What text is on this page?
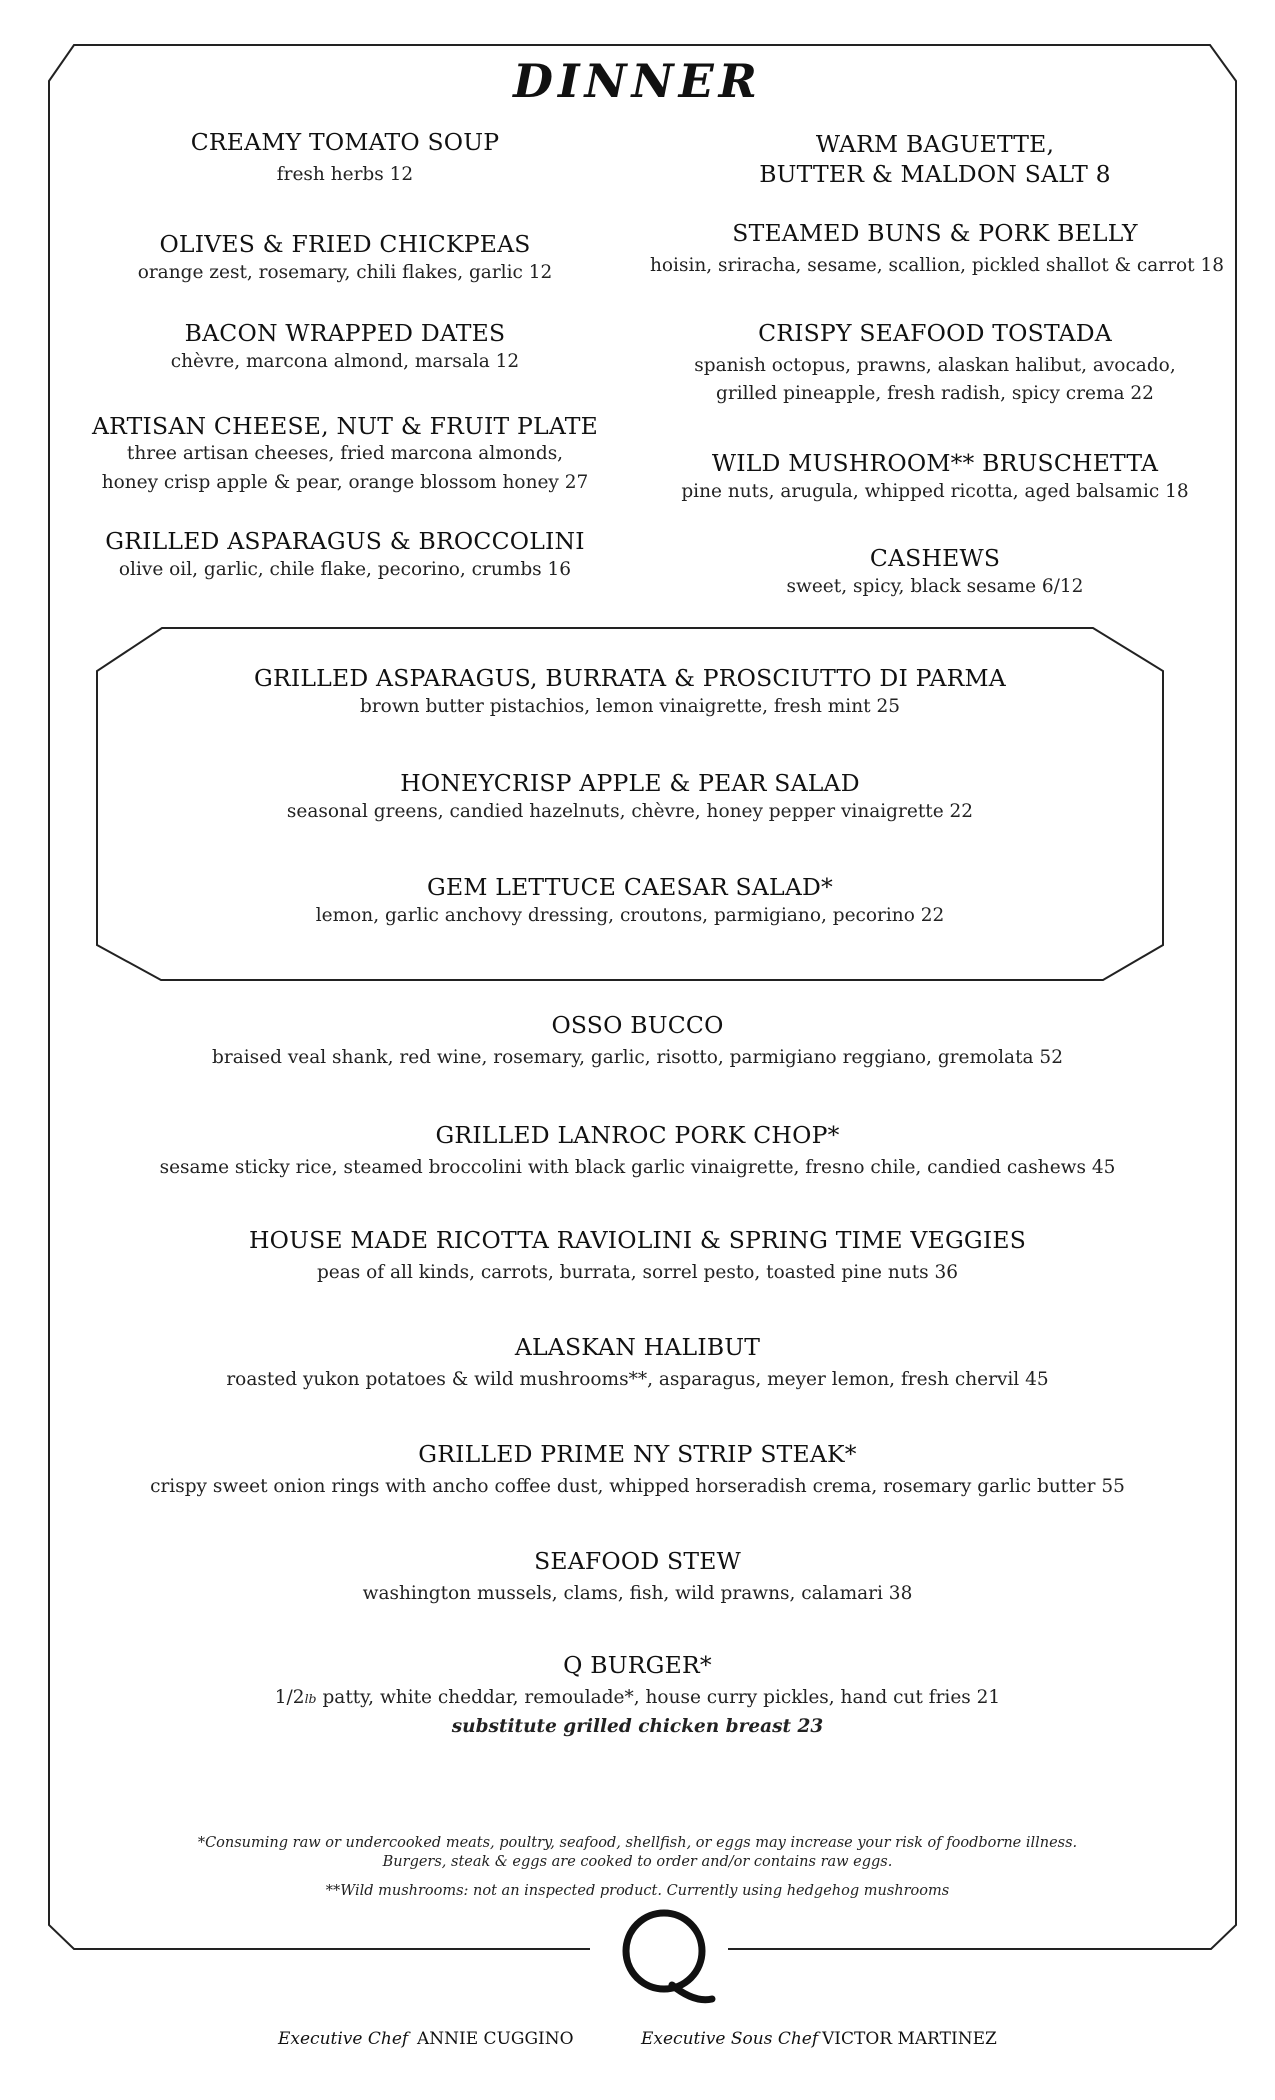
DINNER
CREAMY TOMATO SOUP
fresh herbs 12
OLIVES & FRIED CHICKPEAS
orange zest, rosemary, chili flakes, garlic 12
BACON WRAPPED DATES
chèvre, marcona almond, marsala 12
ARTISAN CHEESE, NUT & FRUIT PLATE
three artisan cheeses, fried marcona almonds,
honey crisp apple & pear, orange blossom honey 27
GRILLED ASPARAGUS & BROCCOLINI
olive oil, garlic, chile flake, pecorino, crumbs 16
WARM BAGUETTE,
BUTTER & MALDON SALT 8
STEAMED BUNS & PORK BELLY
hoisin, sriracha, sesame, scallion, pickled shallot & carrot 18
CRISPY SEAFOOD TOSTADA
spanish octopus, prawns, alaskan halibut, avocado,
grilled pineapple, fresh radish, spicy crema 22
WILD MUSHROOM** BRUSCHETTA
pine nuts, arugula, whipped ricotta, aged balsamic 18
CASHEWS
sweet, spicy, black sesame 6/12
GRILLED ASPARAGUS, BURRATA & PROSCIUTTO DI PARMA
brown butter pistachios, lemon vinaigrette, fresh mint 25
HONEYCRISP APPLE & PEAR SALAD
seasonal greens, candied hazelnuts, chèvre, honey pepper vinaigrette 22
GEM LETTUCE CAESAR SALAD*
lemon, garlic anchovy dressing, croutons, parmigiano, pecorino 22
OSSO BUCCO
braised veal shank, red wine, rosemary, garlic, risotto, parmigiano reggiano, gremolata 52
GRILLED LANROC PORK CHOP*
sesame sticky rice, steamed broccolini with black garlic vinaigrette, fresno chile, candied cashews 45
HOUSE MADE RICOTTA RAVIOLINI & SPRING TIME VEGGIES
peas of all kinds, carrots, burrata, sorrel pesto, toasted pine nuts 36
ALASKAN HALIBUT
roasted yukon potatoes & wild mushrooms**, asparagus, meyer lemon, fresh chervil 45
GRILLED PRIME NY STRIP STEAK*
crispy sweet onion rings with ancho coffee dust, whipped horseradish crema, rosemary garlic butter 55
SEAFOOD STEW
washington mussels, clams, fish, wild prawns, calamari 38
Q BURGER*
1/2lb patty, white cheddar, remoulade*, house curry pickles, hand cut fries 21
substitute grilled chicken breast 23
*Consuming raw or undercooked meats, poultry, seafood, shellfish, or eggs may increase your risk of foodborne illness.
Burgers, steak & eggs are cooked to order and/or contains raw eggs.
**Wild mushrooms: not an inspected product. Currently using hedgehog mushrooms
Executive Chef ANNIE CUGGINO	Executive Sous Chef VICTOR MARTINEZ
